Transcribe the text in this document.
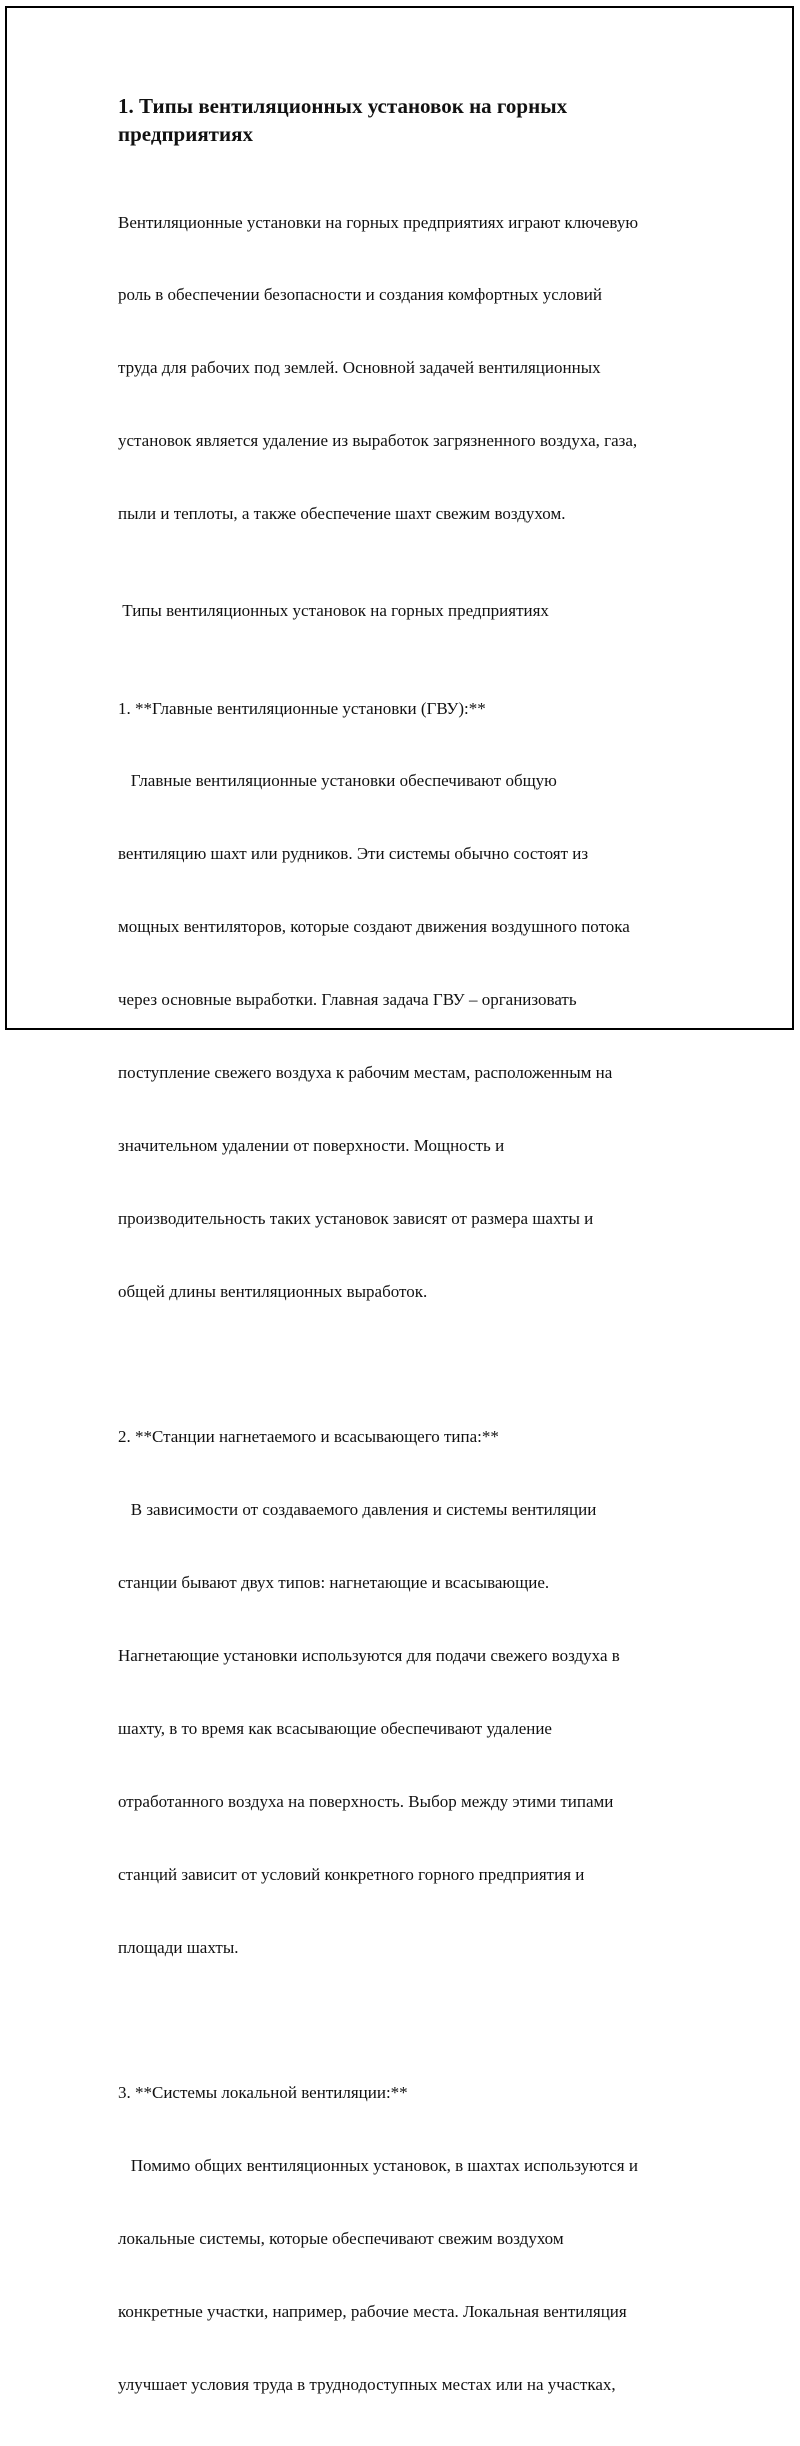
1. Типы вентиляционных установок на горных
предприятиях

Вентиляционные установки на горных предприятиях играют ключевую

роль в обеспечении безопасности и создания комфортных условий

труда для рабочих под землей. Основной задачей вентиляционных

установок является удаление из выработок загрязненного воздуха, газа,

пыли и теплоты, а также обеспечение шахт свежим воздухом.

Типы вентиляционных установок на горных предприятиях

1. **Главные вентиляционные установки (ГВУ):**

Главные вентиляционные установки обеспечивают общую

вентиляцию шахт или рудников. Эти системы обычно состоят из

мощных вентиляторов, которые создают движения воздушного потока

через основные выработки. Главная задача ГВУ – организовать

поступление свежего воздуха к рабочим местам, расположенным на

значительном удалении от поверхности. Мощность и

производительность таких установок зависят от размера шахты и

общей длины вентиляционных выработок.

2. **Станции нагнетаемого и всасывающего типа:**

В зависимости от создаваемого давления и системы вентиляции

станции бывают двух типов: нагнетающие и всасывающие.

Нагнетающие установки используются для подачи свежего воздуха в

шахту, в то время как всасывающие обеспечивают удаление

отработанного воздуха на поверхность. Выбор между этими типами

станций зависит от условий конкретного горного предприятия и

площади шахты.

3. **Системы локальной вентиляции:**

Помимо общих вентиляционных установок, в шахтах используются и

локальные системы, которые обеспечивают свежим воздухом

конкретные участки, например, рабочие места. Локальная вентиляция

улучшает условия труда в труднодоступных местах или на участках,
